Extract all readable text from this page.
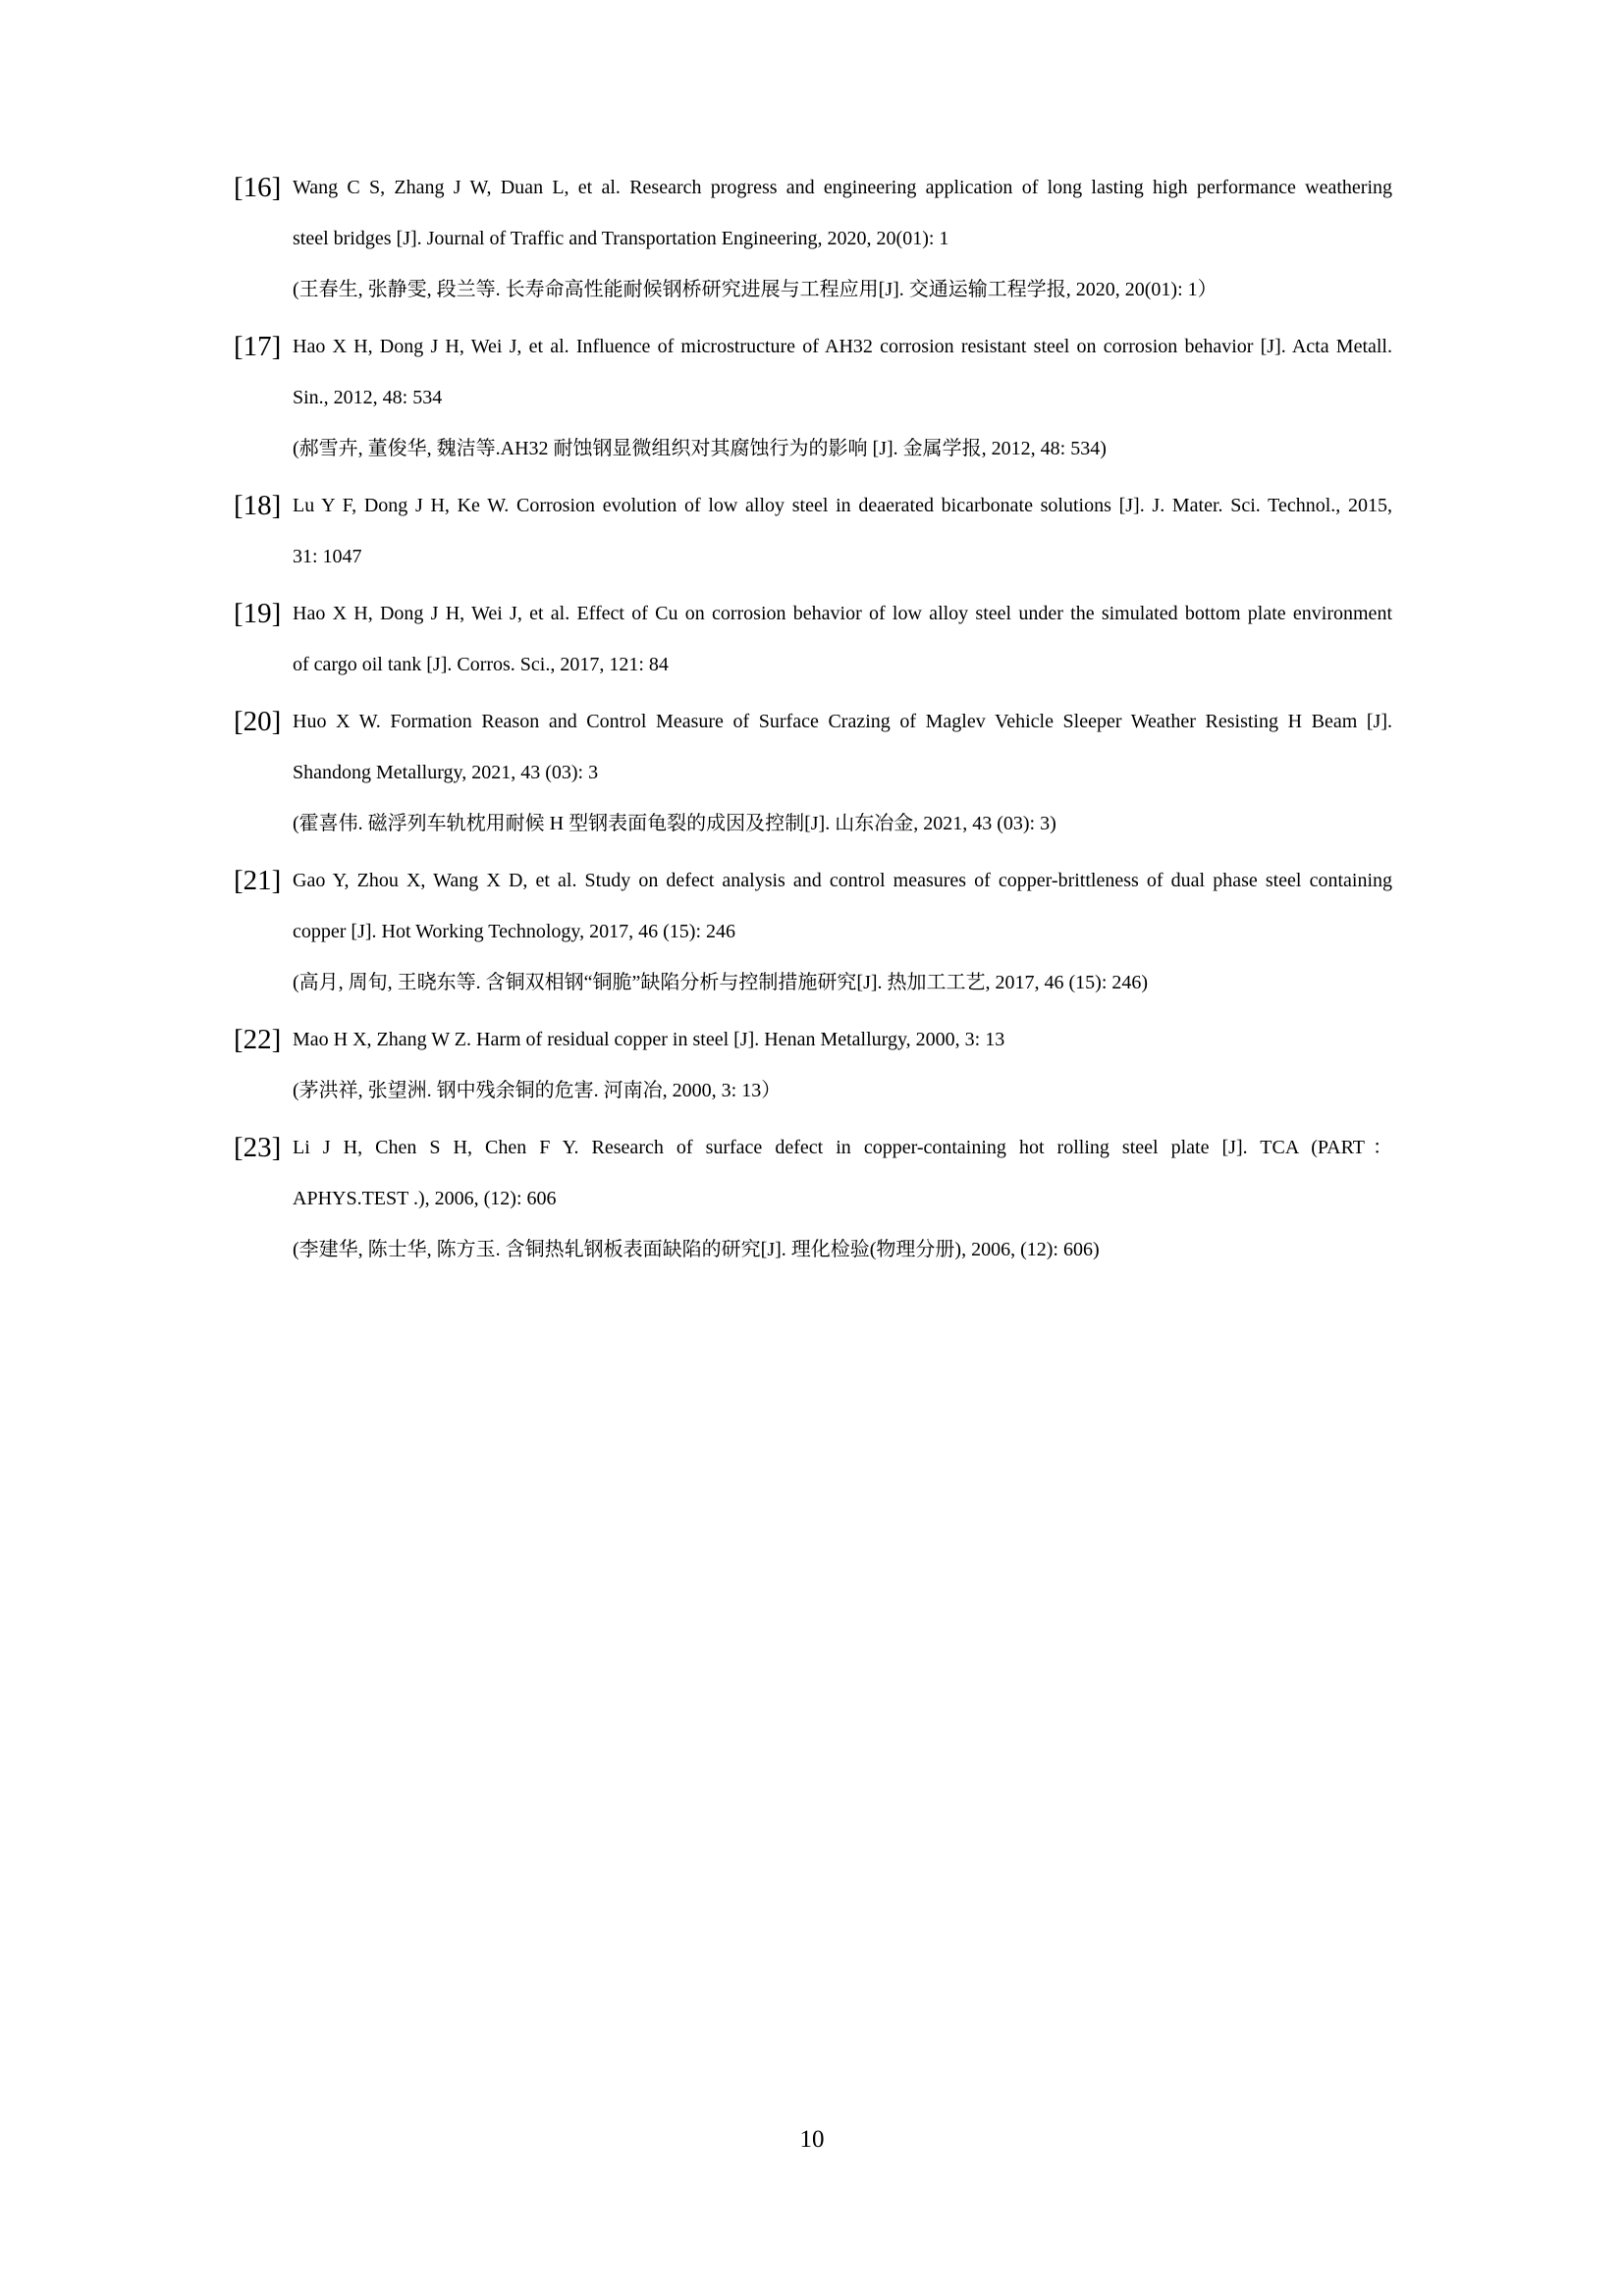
[16] Wang C S, Zhang J W, Duan L, et al. Research progress and engineering application of long lasting high performance weathering
steel bridges [J]. Journal of Traffic and Transportation Engineering, 2020, 20(01): 1
(王春生, 张静雯, 段兰等. 长寿命高性能耐候钢桥研究进展与工程应用[J]. 交通运输工程学报, 2020, 20(01): 1）
[17] Hao X H, Dong J H, Wei J, et al. Influence of microstructure of AH32 corrosion resistant steel on corrosion behavior [J]. Acta Metall.
Sin., 2012, 48: 534
(郝雪卉, 董俊华, 魏洁等.AH32 耐蚀钢显微组织对其腐蚀行为的影响 [J]. 金属学报, 2012, 48: 534)
[18] Lu Y F, Dong J H, Ke W. Corrosion evolution of low alloy steel in deaerated bicarbonate solutions [J]. J. Mater. Sci. Technol., 2015,
31: 1047
[19] Hao X H, Dong J H, Wei J, et al. Effect of Cu on corrosion behavior of low alloy steel under the simulated bottom plate environment
of cargo oil tank [J]. Corros. Sci., 2017, 121: 84
[20] Huo X W. Formation Reason and Control Measure of Surface Crazing of Maglev Vehicle Sleeper Weather Resisting H Beam [J].
Shandong Metallurgy, 2021, 43 (03): 3
(霍喜伟. 磁浮列车轨枕用耐候 H 型钢表面龟裂的成因及控制[J]. 山东冶金, 2021, 43 (03): 3)
[21] Gao Y, Zhou X, Wang X D, et al. Study on defect analysis and control measures of copper-brittleness of dual phase steel containing
copper [J]. Hot Working Technology, 2017, 46 (15): 246
(高月, 周旬, 王晓东等. 含铜双相钢“铜脆”缺陷分析与控制措施研究[J]. 热加工工艺, 2017, 46 (15): 246)
[22] Mao H X, Zhang W Z. Harm of residual copper in steel [J]. Henan Metallurgy, 2000, 3: 13
(茅洪祥, 张望洲. 钢中残余铜的危害. 河南冶, 2000, 3: 13）
[23] Li J H, Chen S H, Chen F Y. Research of surface defect in copper-containing hot rolling steel plate [J]. TCA (PART：
APHYS.TEST .), 2006, (12): 606
(李建华, 陈士华, 陈方玉. 含铜热轧钢板表面缺陷的研究[J]. 理化检验(物理分册), 2006, (12): 606)
10
